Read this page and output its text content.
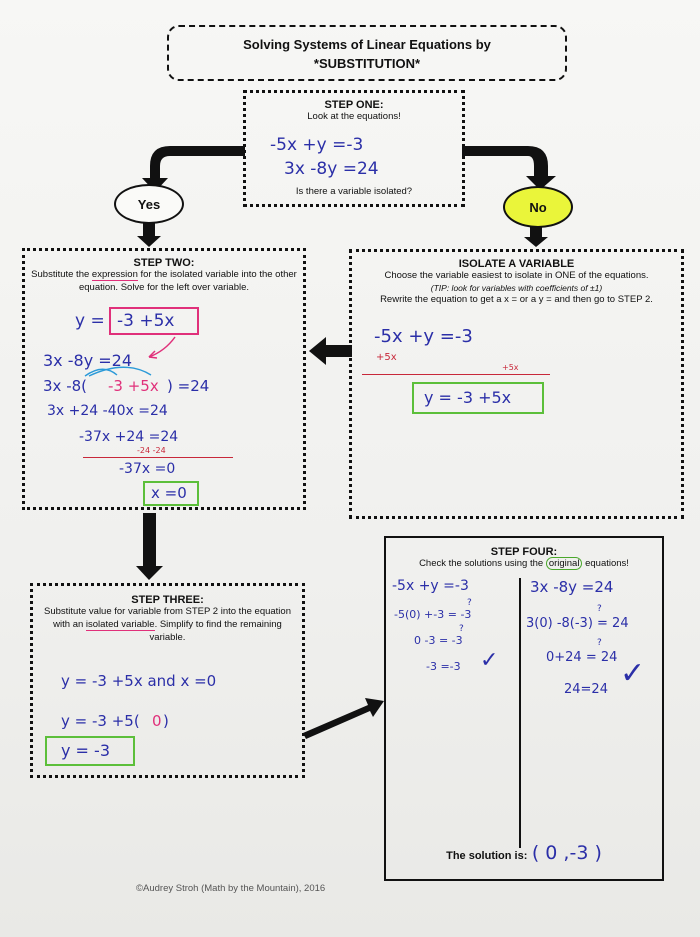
Solving Systems of Linear Equations by
*SUBSTITUTION*
STEP ONE:
Look at the equations!
-5x +y =-3
3x -8y =24
Is there a variable isolated?
Yes	No
STEP TWO:
Substitute the expression for the isolated variable into the other equation. Solve for the left over variable.
y = -3 +5x
3x -8y =24
3x -8( -3 +5x ) =24
3x +24 -40x =24
-37x +24 =24
-24 -24
-37x =0
x =0
ISOLATE A VARIABLE
Choose the variable easiest to isolate in ONE of the equations.
(TIP: look for variables with coefficients of ±1)
Rewrite the equation to get a x = or a y = and then go to STEP 2.
-5x +y =-3
+5x
+5x
y = -3 +5x
STEP THREE:
Substitute value for variable from STEP 2 into the equation with an isolated variable. Simplify to find the remaining variable.
y = -3 +5x and x =0
y = -3 +5( 0 )
y = -3
STEP FOUR:
Check the solutions using the original equations!
-5x +y =-3
-5(0) +-3 = -3
0 -3 = -3
-3 =-3
?
?
✓
3x -8y =24
3(0) -8(-3) = 24
0+24 = 24
24=24
?
?
✓
The solution is: ( 0 ,-3 )
©Audrey Stroh (Math by the Mountain), 2016
